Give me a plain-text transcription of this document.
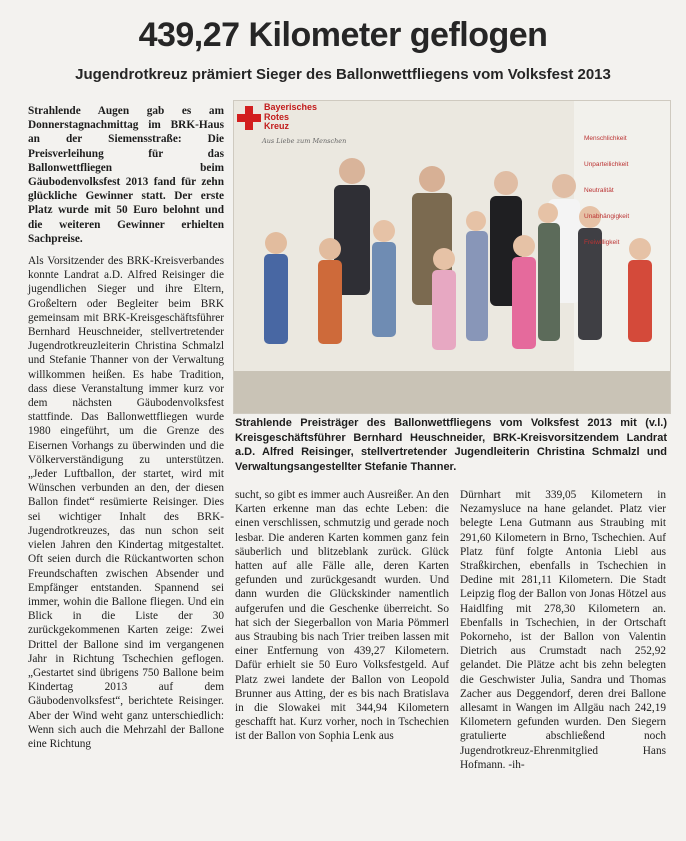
439,27 Kilometer geflogen
Jugendrotkreuz prämiert Sieger des Ballonwettfliegens vom Volksfest 2013

Strahlende Augen gab es am Donnerstagnachmittag im BRK-Haus an der Siemensstraße: Die Preisverleihung für das Ballonwettfliegen beim Gäubodenvolksfest 2013 fand für zehn glückliche Gewinner statt. Der erste Platz wurde mit 50 Euro belohnt und die weiteren Gewinner erhielten Sachpreise.

Als Vorsitzender des BRK-Kreisverbandes konnte Landrat a.D. Alfred Reisinger die jugendlichen Sieger und ihre Eltern, Großeltern oder Begleiter beim BRK gemeinsam mit BRK-Kreisgeschäftsführer Bernhard Heuschneider, stellvertretender Jugendrotkreuzleiterin Christina Schmalzl und Stefanie Thanner von der Verwaltung willkommen heißen. Es habe Tradition, dass diese Veranstaltung immer kurz vor dem nächsten Gäubodenvolksfest stattfinde. Das Ballonwettfliegen wurde 1980 eingeführt, um die Grenze des Eisernen Vorhangs zu überwinden und die Völkerverständigung zu unterstützen. „Jeder Luftballon, der startet, wird mit Wünschen verbunden an den, der diesen Ballon findet“ resümierte Reisinger. Dies sei wichtiger Inhalt des BRK-Jugendrotkreuzes, das nun schon seit vielen Jahren den Kindertag mitgestaltet. Oft seien durch die Rückantworten schon Freundschaften zwischen Absender und Empfänger entstanden. Spannend sei immer, wohin die Ballone fliegen. Und ein Blick in die Liste der 30 zurückgekommenen Karten zeige: Zwei Drittel der Ballone sind im vergangenen Jahr in Richtung Tschechien geflogen. „Gestartet sind übrigens 750 Ballone beim Kindertag 2013 auf dem Gäubodenvolksfest“, berichtete Reisinger. Aber der Wind weht ganz unterschiedlich: Wenn sich auch die Mehrzahl der Ballone eine Richtung

Bayerisches Rotes Kreuz
Aus Liebe zum Menschen	Menschlichkeit
Unparteilichkeit
Neutralität
Unabhängigkeit
Freiwilligkeit
Strahlende Preisträger des Ballonwettfliegens vom Volksfest 2013 mit (v.l.) Kreisgeschäftsführer Bernhard Heuschneider, BRK-Kreisvorsitzendem Landrat a.D. Alfred Reisinger, stellvertretender Jugendleiterin Christina Schmalzl und Verwaltungsangestellter Stefanie Thanner.

sucht, so gibt es immer auch Ausreißer. An den Karten erkenne man das echte Leben: die einen verschlissen, schmutzig und gerade noch lesbar. Die anderen Karten kommen ganz fein säuberlich und blitzeblank zurück. Glück hatten auf alle Fälle alle, deren Karten gefunden und zurückgesandt wurden. Und dann wurden die Glückskinder namentlich aufgerufen und die Geschenke überreicht. So hat sich der Siegerballon von Maria Pömmerl aus Straubing bis nach Trier treiben lassen mit einer Entfernung von 439,27 Kilometern. Dafür erhielt sie 50 Euro Volksfestgeld. Auf Platz zwei landete der Ballon von Leopold Brunner aus Atting, der es bis nach Bratislava in die Slowakei mit 344,94 Kilometern geschafft hat. Kurz vorher, noch in Tschechien ist der Ballon von Sophia Lenk aus

Dürnhart mit 339,05 Kilometern in Nezamysluce na hane gelandet. Platz vier belegte Lena Gutmann aus Straubing mit 291,60 Kilometern in Brno, Tschechien. Auf Platz fünf folgte Antonia Liebl aus Straßkirchen, ebenfalls in Tschechien in Dedine mit 281,11 Kilometern. Die Stadt Leipzig flog der Ballon von Jonas Hötzel aus Haidlfing mit 278,30 Kilometern an. Ebenfalls in Tschechien, in der Ortschaft Pokorneho, ist der Ballon von Valentin Dietrich aus Crumstadt nach 252,92 gelandet. Die Plätze acht bis zehn belegten die Geschwister Julia, Sandra und Thomas Zacher aus Deggendorf, deren drei Ballone allesamt in Wangen im Allgäu nach 242,19 Kilometern gefunden wurden. Den Siegern gratulierte abschließend noch Jugendrotkreuz-Ehrenmitglied Hans Hofmann. -ih-
